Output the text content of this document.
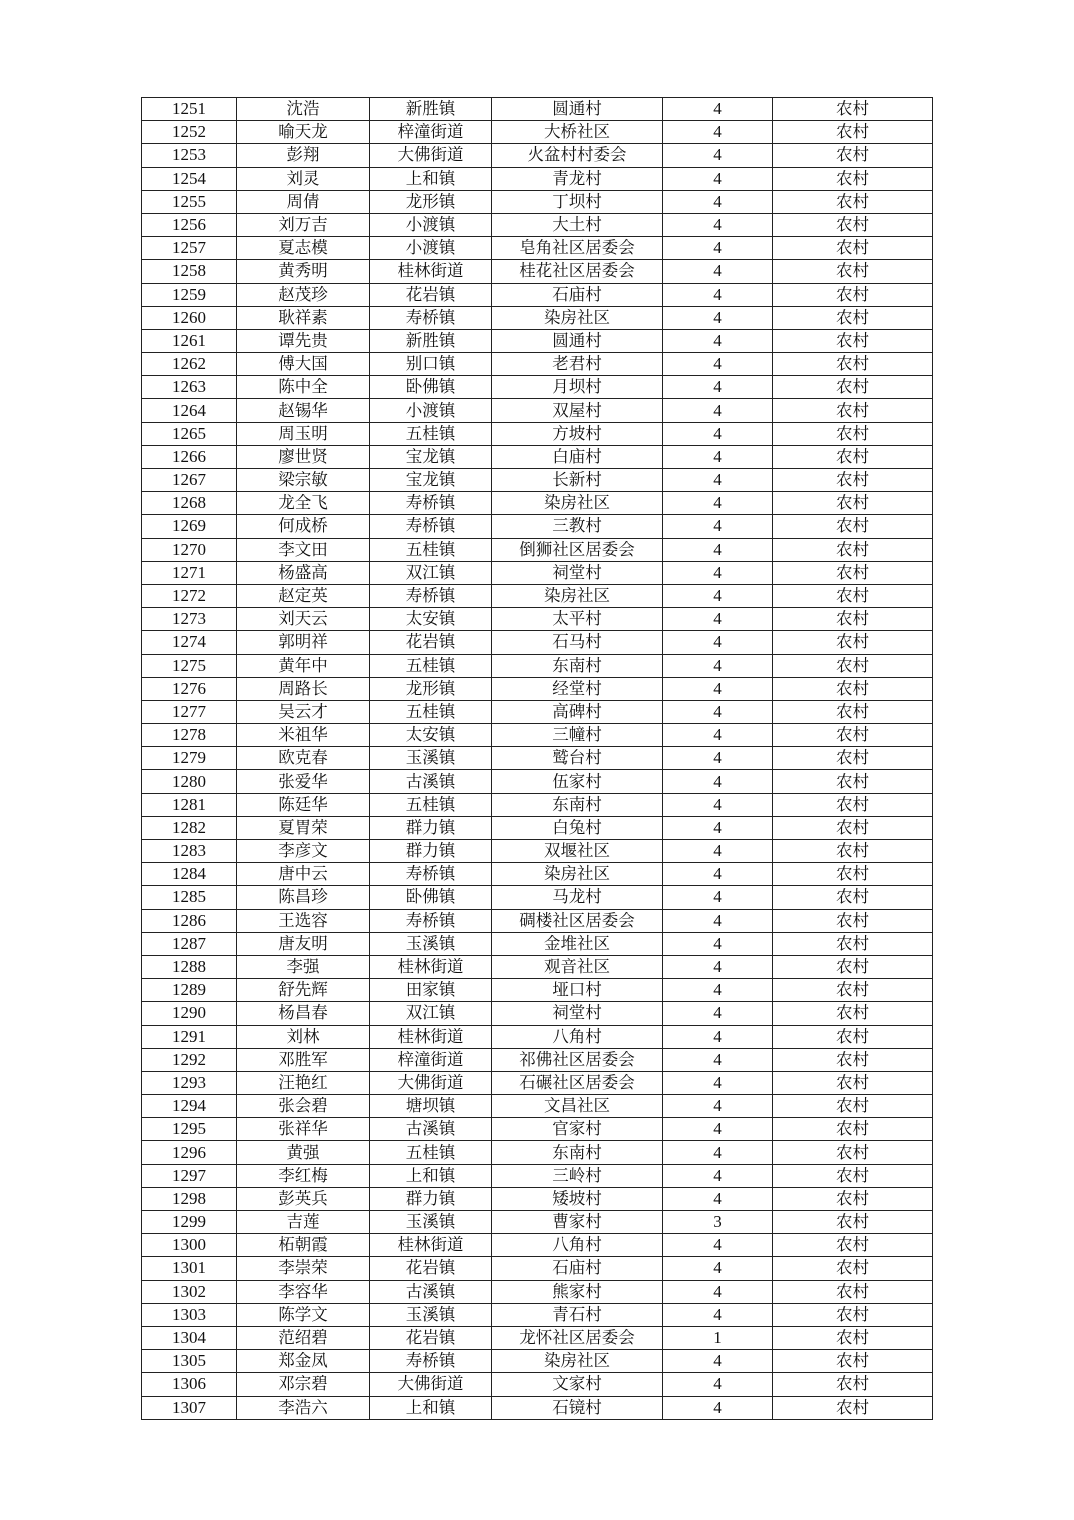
1251	沈浩	新胜镇	圆通村	4	农村
1252	喻天龙	梓潼街道	大桥社区	4	农村
1253	彭翔	大佛街道	火盆村村委会	4	农村
1254	刘灵	上和镇	青龙村	4	农村
1255	周倩	龙形镇	丁坝村	4	农村
1256	刘万吉	小渡镇	大土村	4	农村
1257	夏志模	小渡镇	皂角社区居委会	4	农村
1258	黄秀明	桂林街道	桂花社区居委会	4	农村
1259	赵茂珍	花岩镇	石庙村	4	农村
1260	耿祥素	寿桥镇	染房社区	4	农村
1261	谭先贵	新胜镇	圆通村	4	农村
1262	傅大国	别口镇	老君村	4	农村
1263	陈中全	卧佛镇	月坝村	4	农村
1264	赵锡华	小渡镇	双屋村	4	农村
1265	周玉明	五桂镇	方坡村	4	农村
1266	廖世贤	宝龙镇	白庙村	4	农村
1267	梁宗敏	宝龙镇	长新村	4	农村
1268	龙全飞	寿桥镇	染房社区	4	农村
1269	何成桥	寿桥镇	三教村	4	农村
1270	李文田	五桂镇	倒狮社区居委会	4	农村
1271	杨盛高	双江镇	祠堂村	4	农村
1272	赵定英	寿桥镇	染房社区	4	农村
1273	刘天云	太安镇	太平村	4	农村
1274	郭明祥	花岩镇	石马村	4	农村
1275	黄年中	五桂镇	东南村	4	农村
1276	周路长	龙形镇	经堂村	4	农村
1277	吴云才	五桂镇	高碑村	4	农村
1278	米祖华	太安镇	三幢村	4	农村
1279	欧克春	玉溪镇	鹫台村	4	农村
1280	张爱华	古溪镇	伍家村	4	农村
1281	陈廷华	五桂镇	东南村	4	农村
1282	夏胃荣	群力镇	白兔村	4	农村
1283	李彦文	群力镇	双堰社区	4	农村
1284	唐中云	寿桥镇	染房社区	4	农村
1285	陈昌珍	卧佛镇	马龙村	4	农村
1286	王选容	寿桥镇	碉楼社区居委会	4	农村
1287	唐友明	玉溪镇	金堆社区	4	农村
1288	李强	桂林街道	观音社区	4	农村
1289	舒先辉	田家镇	垭口村	4	农村
1290	杨昌春	双江镇	祠堂村	4	农村
1291	刘林	桂林街道	八角村	4	农村
1292	邓胜军	梓潼街道	祁佛社区居委会	4	农村
1293	汪艳红	大佛街道	石碾社区居委会	4	农村
1294	张会碧	塘坝镇	文昌社区	4	农村
1295	张祥华	古溪镇	官家村	4	农村
1296	黄强	五桂镇	东南村	4	农村
1297	李红梅	上和镇	三岭村	4	农村
1298	彭英兵	群力镇	矮坡村	4	农村
1299	吉莲	玉溪镇	曹家村	3	农村
1300	柘朝霞	桂林街道	八角村	4	农村
1301	李崇荣	花岩镇	石庙村	4	农村
1302	李容华	古溪镇	熊家村	4	农村
1303	陈学文	玉溪镇	青石村	4	农村
1304	范绍碧	花岩镇	龙怀社区居委会	1	农村
1305	郑金凤	寿桥镇	染房社区	4	农村
1306	邓宗碧	大佛街道	文家村	4	农村
1307	李浩六	上和镇	石镜村	4	农村
